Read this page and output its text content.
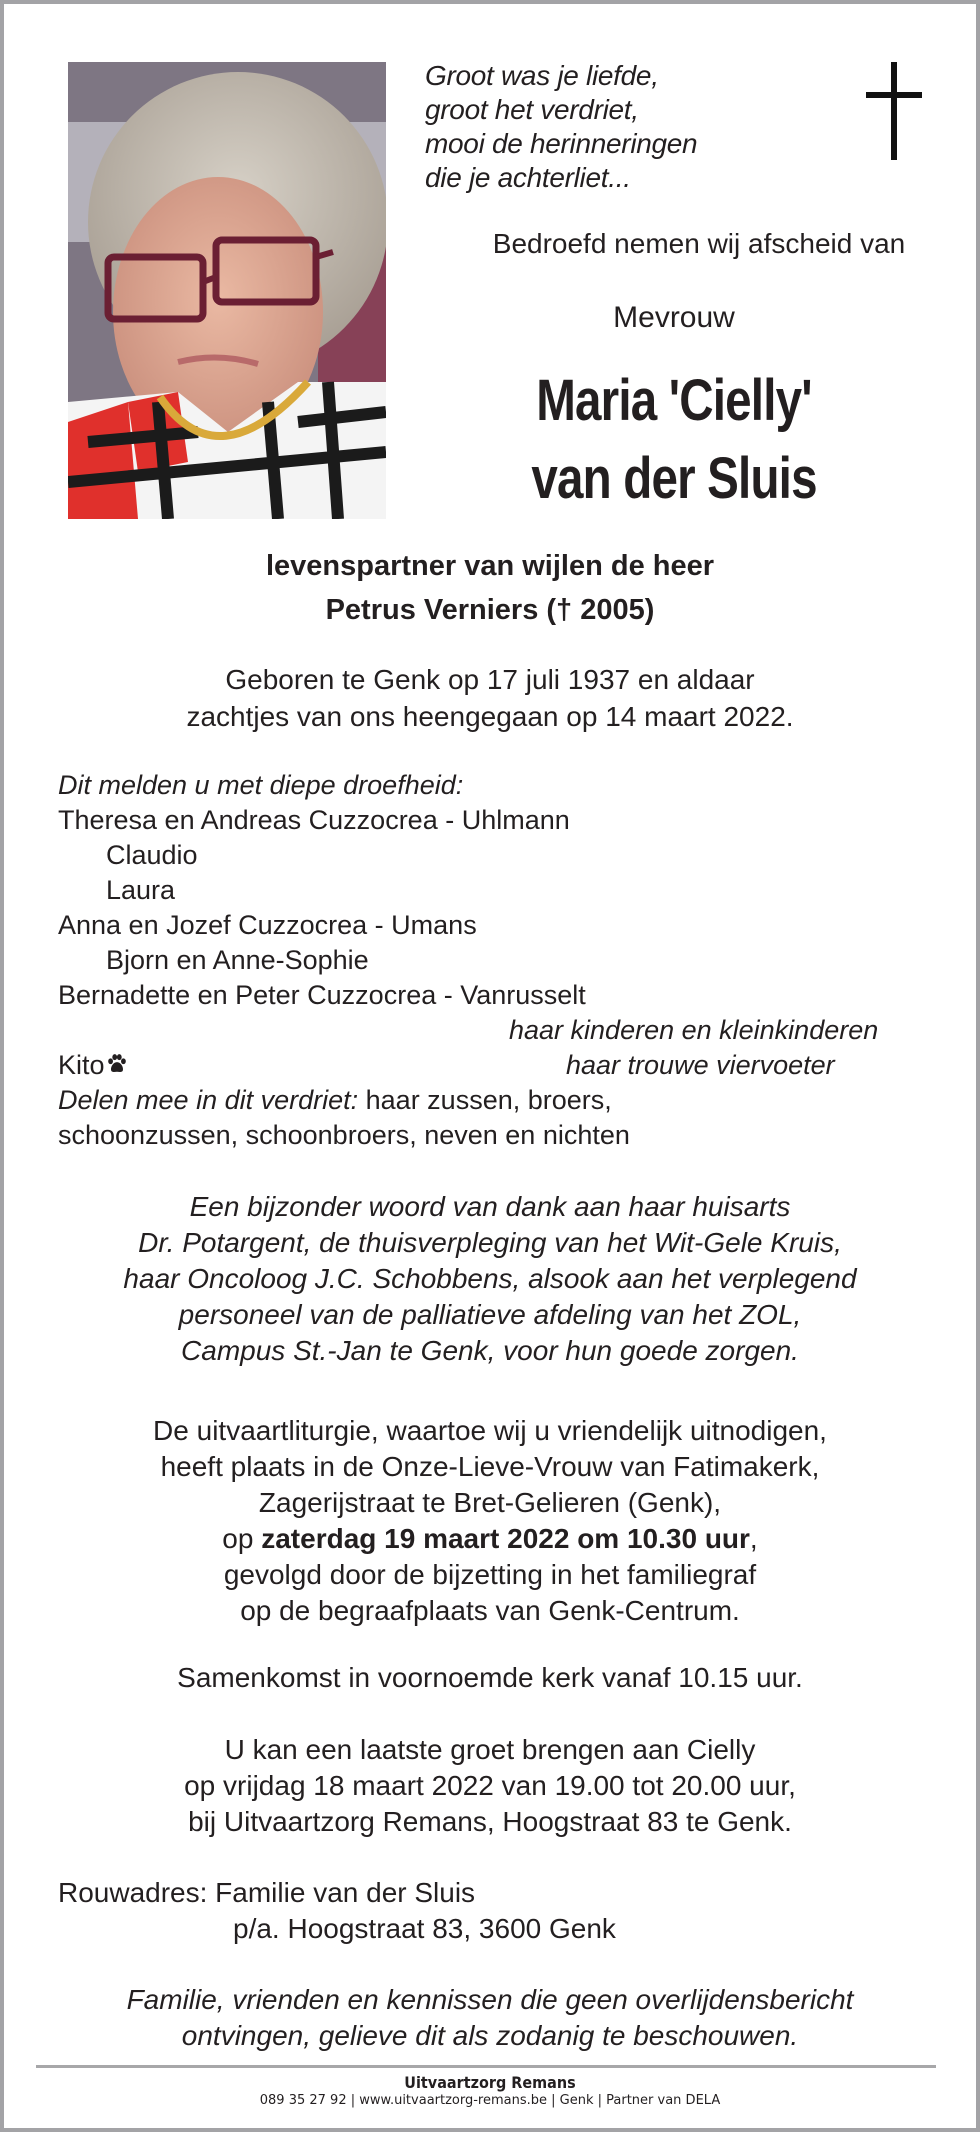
Groot was je liefde,
groot het verdriet,
mooi de herinneringen
die je achterliet...
Bedroefd nemen wij afscheid van
Mevrouw
Maria 'Cielly'
van der Sluis
levenspartner van wijlen de heer
Petrus Verniers († 2005)
Geboren te Genk op 17 juli 1937 en aldaar
zachtjes van ons heengegaan op 14 maart 2022.
Dit melden u met diepe droefheid:
Theresa en Andreas Cuzzocrea - Uhlmann
Claudio
Laura
Anna en Jozef Cuzzocrea - Umans
Bjorn en Anne-Sophie
Bernadette en Peter Cuzzocrea - Vanrusselt
haar kinderen en kleinkinderen
Kito	haar trouwe viervoeter
Delen mee in dit verdriet: haar zussen, broers,
schoonzussen, schoonbroers, neven en nichten
Een bijzonder woord van dank aan haar huisarts
Dr. Potargent, de thuisverpleging van het Wit-Gele Kruis,
haar Oncoloog J.C. Schobbens, alsook aan het verplegend
personeel van de palliatieve afdeling van het ZOL,
Campus St.-Jan te Genk, voor hun goede zorgen.
De uitvaartliturgie, waartoe wij u vriendelijk uitnodigen,
heeft plaats in de Onze-Lieve-Vrouw van Fatimakerk,
Zagerijstraat te Bret-Gelieren (Genk),
op zaterdag 19 maart 2022 om 10.30 uur,
gevolgd door de bijzetting in het familiegraf
op de begraafplaats van Genk-Centrum.
Samenkomst in voornoemde kerk vanaf 10.15 uur.
U kan een laatste groet brengen aan Cielly
op vrijdag 18 maart 2022 van 19.00 tot 20.00 uur,
bij Uitvaartzorg Remans, Hoogstraat 83 te Genk.
Rouwadres: Familie van der Sluis
p/a. Hoogstraat 83, 3600 Genk
Familie, vrienden en kennissen die geen overlijdensbericht
ontvingen, gelieve dit als zodanig te beschouwen.
Uitvaartzorg Remans
089 35 27 92 | www.uitvaartzorg-remans.be | Genk | Partner van DELA
